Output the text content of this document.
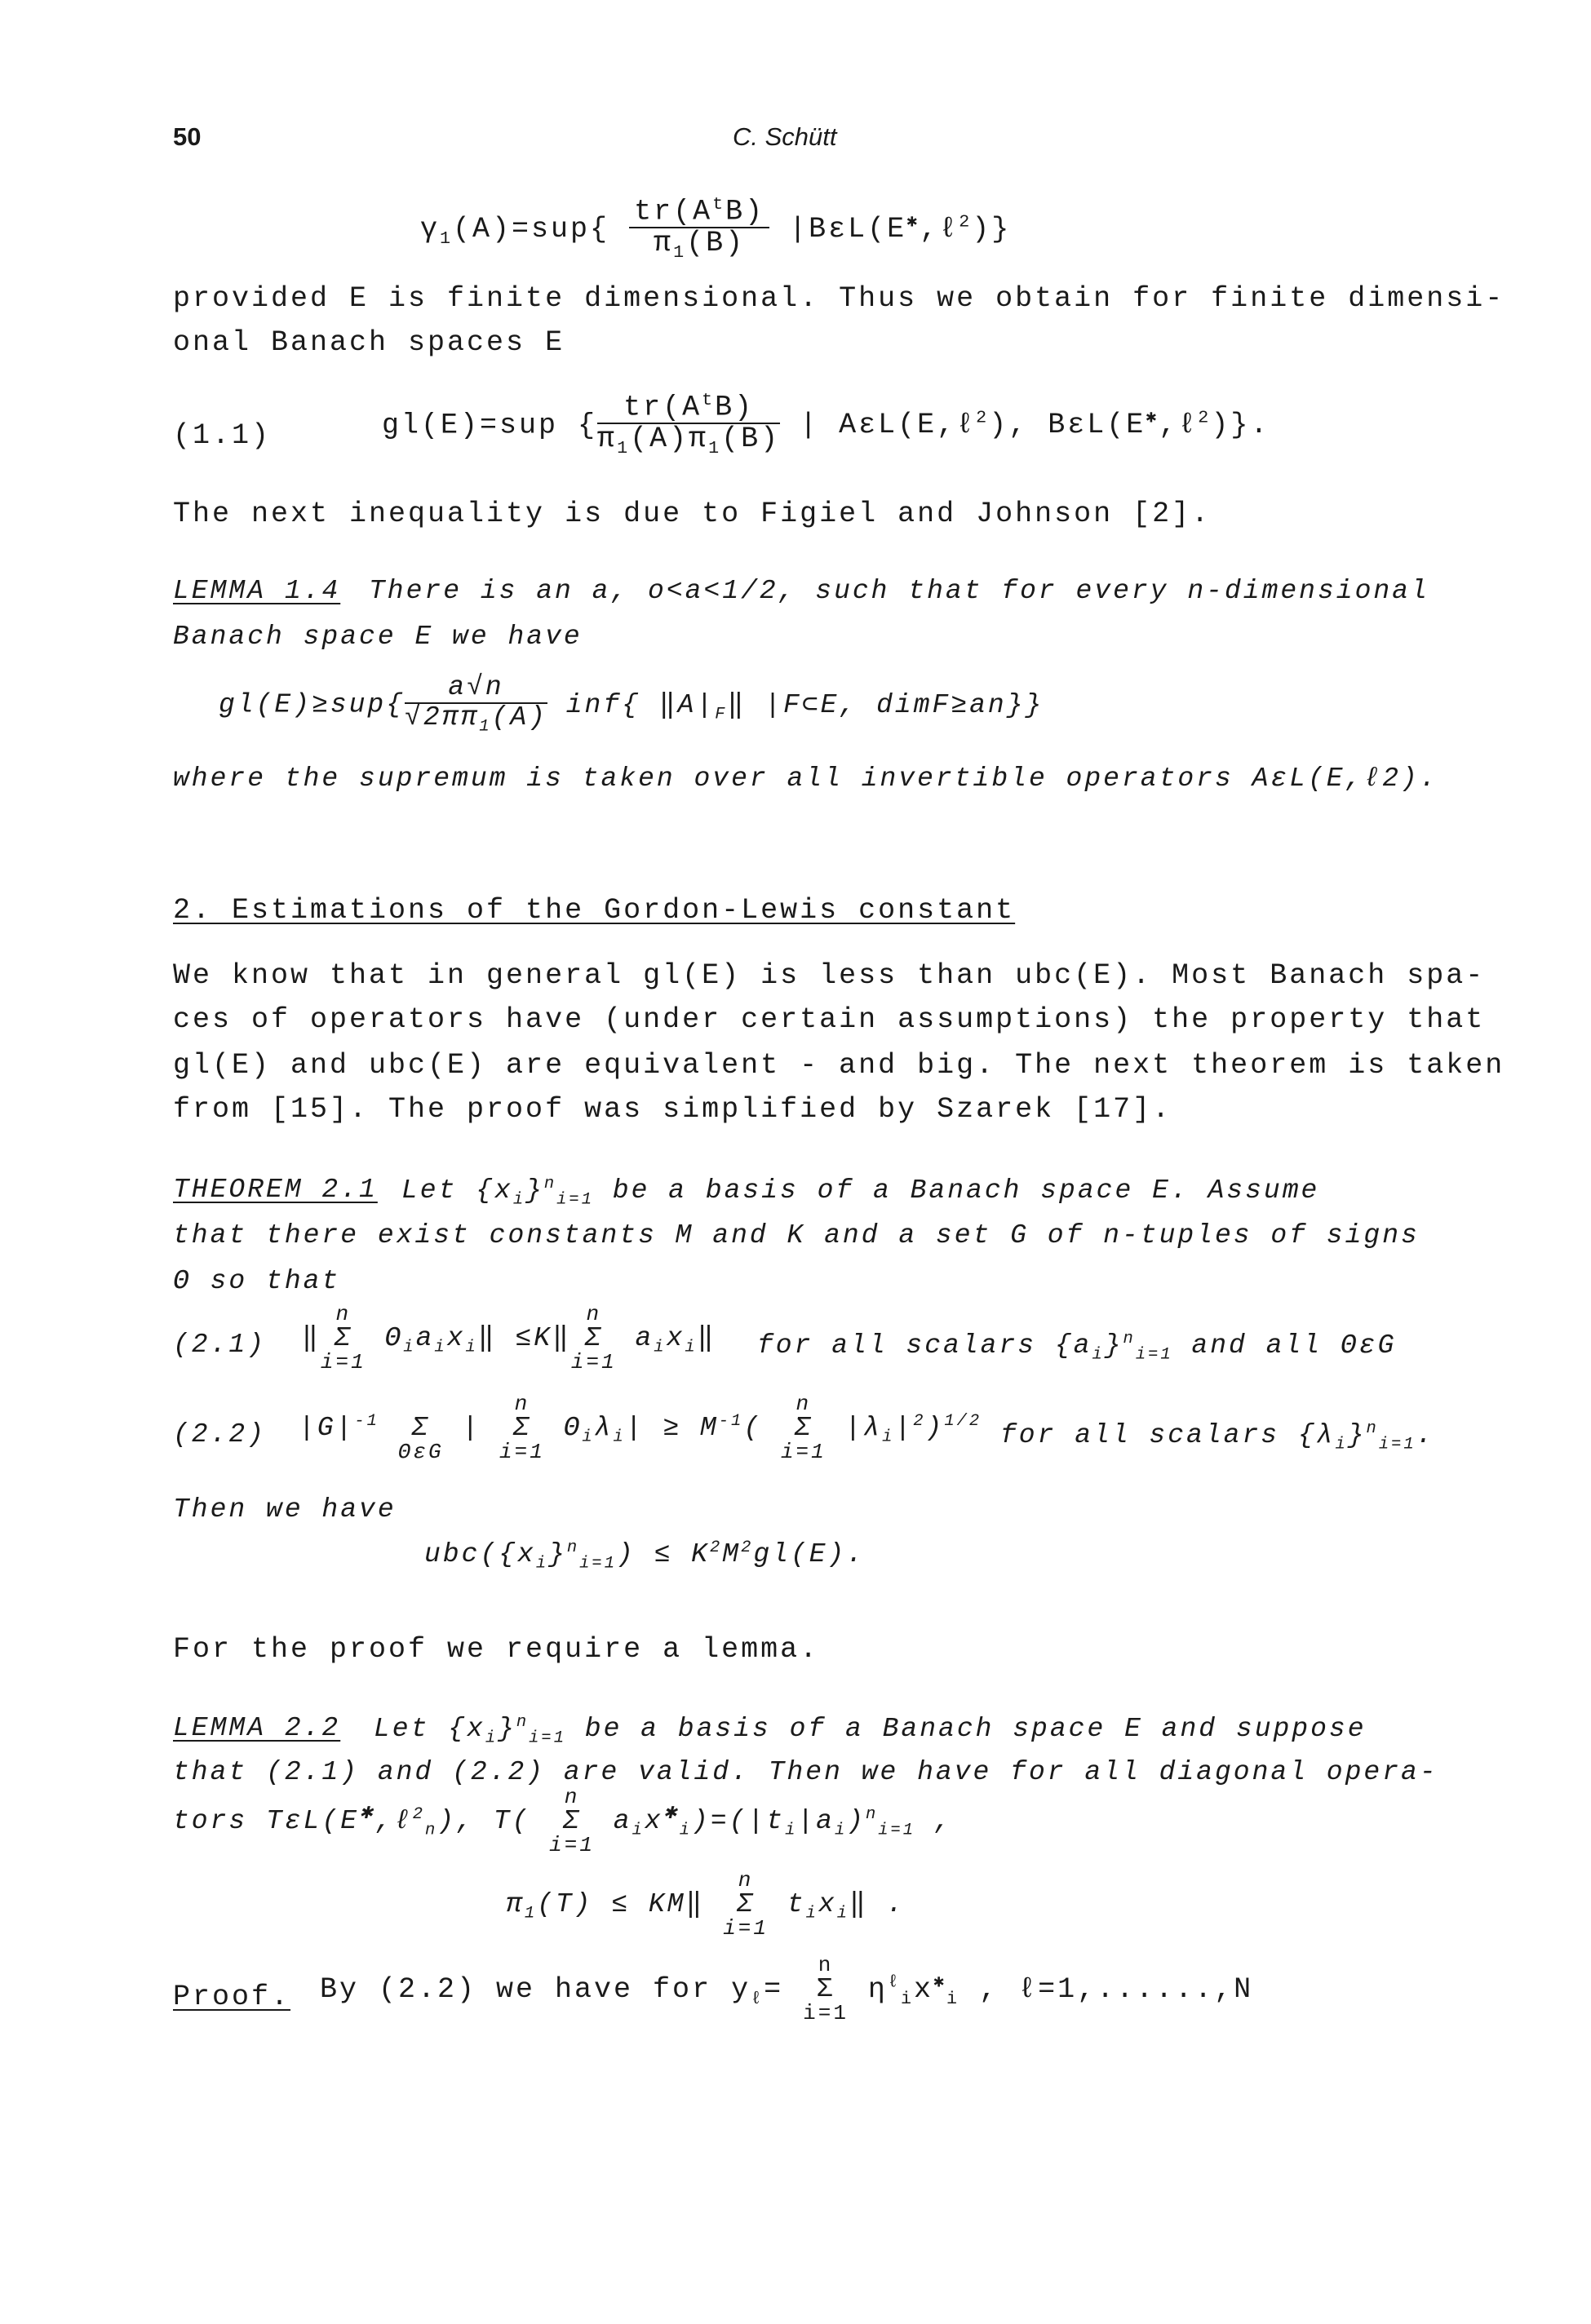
50	C. Schütt
$\gamma_1(A)=sup\{ \frac{tr(A^tB)}{\pi_1(B)}$ |BεL(E✱,ℓ$^2$)}
provided E is finite dimensional. Thus we obtain for finite dimensi-
onal Banach spaces E
(1.1)	gl(E)=sup { $\frac{tr(A^tB)}{\pi_1(A)\pi_1(B)}$ | AεL(E,ℓ$^2$), BεL(E✱,ℓ$^2$)}.
The next inequality is due to Figiel and Johnson [2].
LEMMA 1.4 There is an a, o<a<1/2, such that for every n-dimensional
Banach space E we have
$gl(E)\ge sup\{ \frac{a√n}{√2\pi\pi_1(A)} inf${ $‖A|_F‖$ |F⊂E, dimF≥an}}
where the supremum is taken over all invertible operators AεL(E,ℓ2).
2. Estimations of the Gordon-Lewis constant
We know that in general gl(E) is less than ubc(E). Most Banach spa-
ces of operators have (under certain assumptions) the property that
gl(E) and ubc(E) are equivalent - and big. The next theorem is taken
from [15]. The proof was simplified by Szarek [17].
THEOREM 2.1 Let $\{x_i\}^n_{i=1}$ be a basis of a Banach space E. Assume
that there exist constants M and K and a set G of n-tuples of signs
Θ so that
(2.1) ‖
n
Σ
i=1
$\Theta_ia_ix_i‖$ ≤K‖
n
Σ
i=1
$a_ix_i‖$ for all scalars $\{a_i\}^n_{i=1}$ and all ΘεG
(2.2) $|G|^{-1}$
	Σ
ΘεG
|
n
Σ
i=1
$\Theta_i\lambda_i| \ge M^{-1}$(
n
Σ
i=1
$|\lambda_i|^2)^{1/2}$ for all scalars $\{\lambda_i\}^n_{i=1}$.
Then we have
$ubc(\{x_i\}^n_{i=1}) \le K^2M^2gl(E)$.
For the proof we require a lemma.
LEMMA 2.2 Let $\{x_i\}^n_{i=1}$ be a basis of a Banach space E and suppose
that (2.1) and (2.2) are valid. Then we have for all diagonal opera-
tors TεL(E✱,ℓ$^2_n$), T(
n
Σ
i=1
$a_ix^✱_i)=(|t_i|a_i)^n_{i=1}$ ,
$\pi_1(T)$ ≤ KM‖
n
Σ
i=1
$t_ix_i‖$ .
Proof. By (2.2) we have for $y_\ell=$
n
Σ
i=1
$\eta^\ell_ix^✱_i$ , ℓ=1,......,N
